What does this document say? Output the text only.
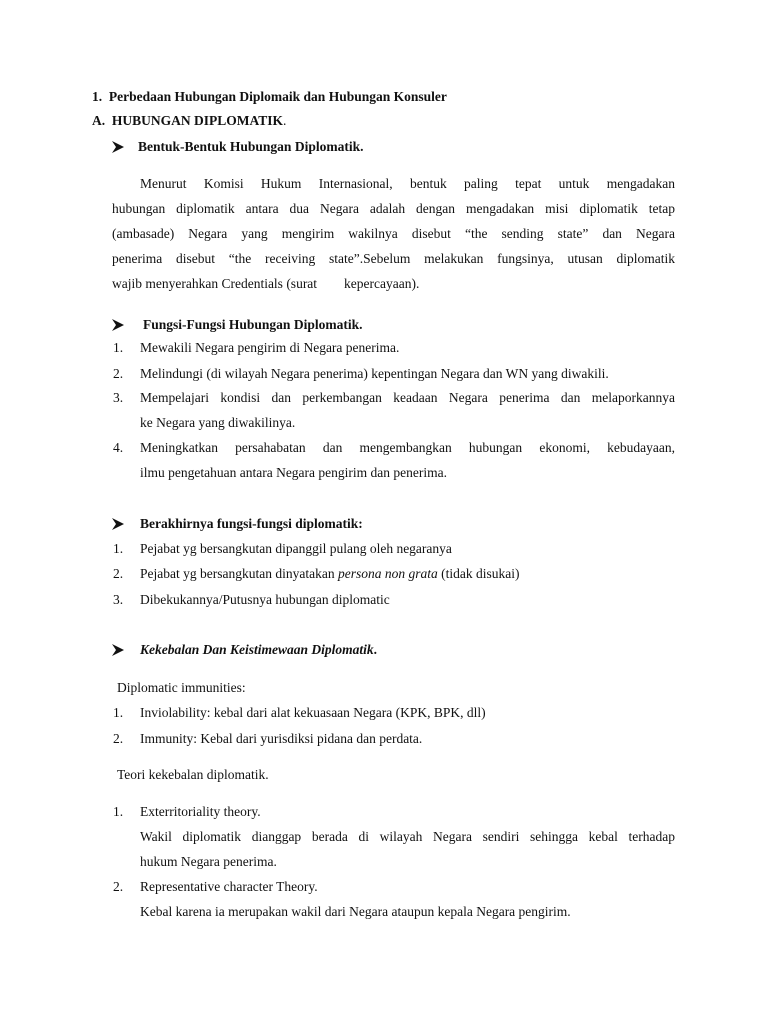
1. Perbedaan Hubungan Diplomaik dan Hubungan Konsuler
A. HUBUNGAN DIPLOMATIK.
Bentuk-Bentuk Hubungan Diplomatik.
Menurut Komisi Hukum Internasional, bentuk paling tepat untuk mengadakan
hubungan diplomatik antara dua Negara adalah dengan mengadakan misi diplomatik tetap
(ambasade) Negara yang mengirim wakilnya disebut “the sending state” dan Negara
penerima disebut “the receiving state”.Sebelum melakukan fungsinya, utusan diplomatik
wajib menyerahkan Credentials (surat        kepercayaan).
Fungsi-Fungsi Hubungan Diplomatik.
1.	Mewakili Negara pengirim di Negara penerima.
2.	Melindungi (di wilayah Negara penerima) kepentingan Negara dan WN yang diwakili.
3.	Mempelajari kondisi dan perkembangan keadaan Negara penerima dan melaporkannya
ke Negara yang diwakilinya.
4.	Meningkatkan persahabatan dan mengembangkan hubungan ekonomi, kebudayaan,
ilmu pengetahuan antara Negara pengirim dan penerima.
Berakhirnya fungsi-fungsi diplomatik:
1.	Pejabat yg bersangkutan dipanggil pulang oleh negaranya
2.	Pejabat yg bersangkutan dinyatakan persona non grata (tidak disukai)
3.	Dibekukannya/Putusnya hubungan diplomatic
Kekebalan Dan Keistimewaan Diplomatik.
Diplomatic immunities:
1.	Inviolability: kebal dari alat kekuasaan Negara (KPK, BPK, dll)
2.	Immunity: Kebal dari yurisdiksi pidana dan perdata.
Teori kekebalan diplomatik.
1.	Exterritoriality theory.
Wakil diplomatik dianggap berada di wilayah Negara sendiri sehingga kebal terhadap
hukum Negara penerima.
2.	Representative character Theory.
Kebal karena ia merupakan wakil dari Negara ataupun kepala Negara pengirim.
